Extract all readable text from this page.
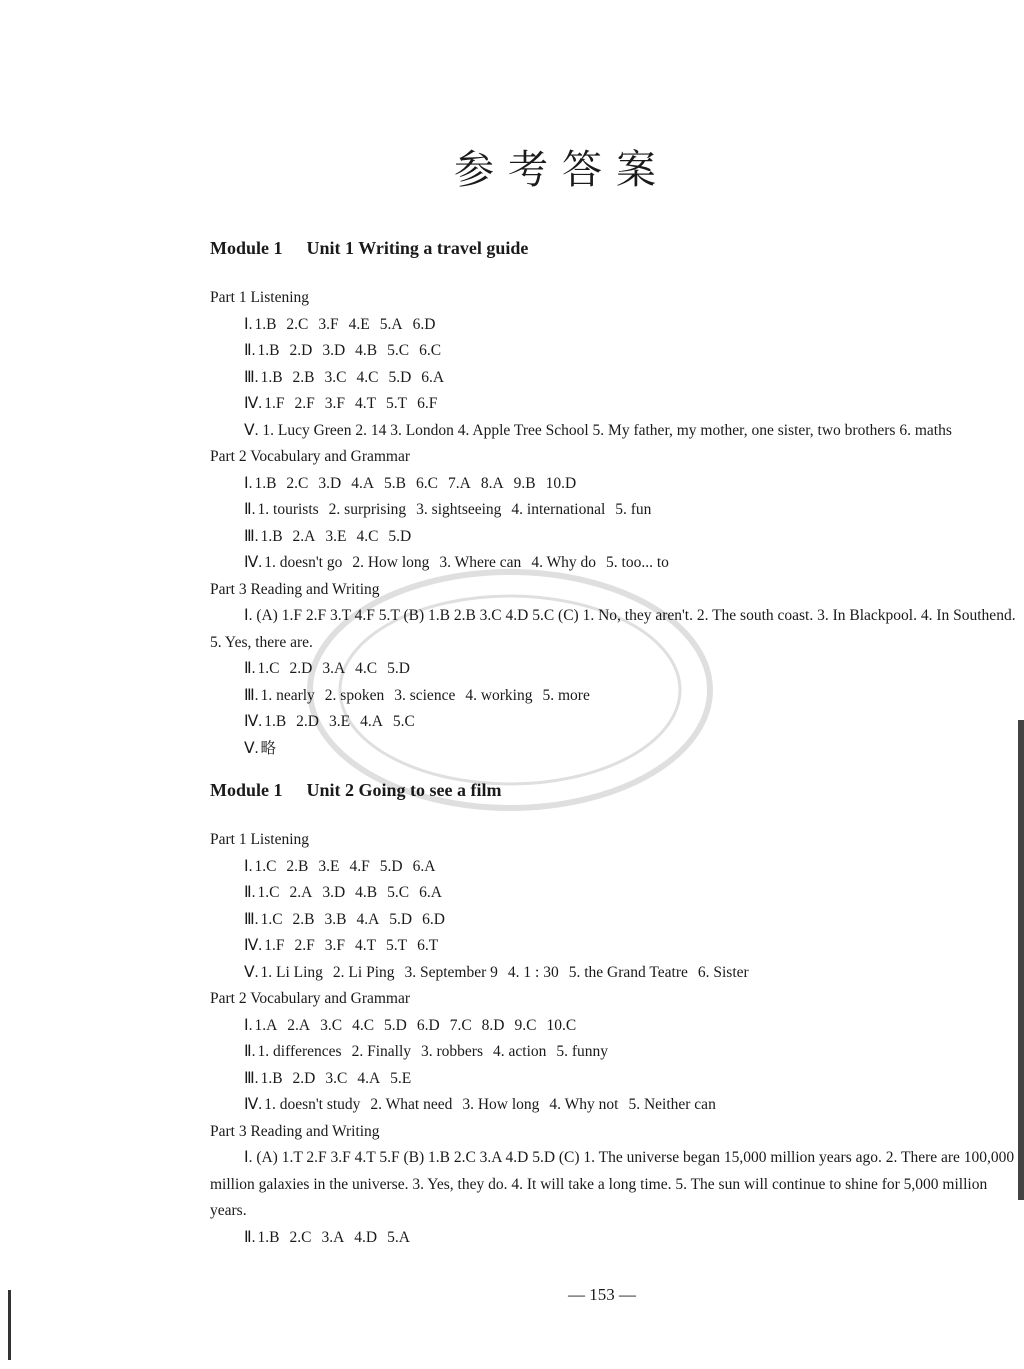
参考答案
Module 1 Unit 1 Writing a travel guide
Part 1 Listening
Ⅰ. 1.B 2.C 3.F 4.E 5.A 6.D
Ⅱ. 1.B 2.D 3.D 4.B 5.C 6.C
Ⅲ. 1.B 2.B 3.C 4.C 5.D 6.A
Ⅳ. 1.F 2.F 3.F 4.T 5.T 6.F
Ⅴ. 1. Lucy Green 2. 14 3. London 4. Apple Tree School 5. My father, my mother, one sister, two brothers 6. maths
Part 2 Vocabulary and Grammar
Ⅰ. 1.B 2.C 3.D 4.A 5.B 6.C 7.A 8.A 9.B 10.D
Ⅱ. 1. tourists 2. surprising 3. sightseeing 4. international 5. fun
Ⅲ. 1.B 2.A 3.E 4.C 5.D
Ⅳ. 1. doesn't go 2. How long 3. Where can 4. Why do 5. too... to
Part 3 Reading and Writing
Ⅰ. (A) 1.F 2.F 3.T 4.F 5.T (B) 1.B 2.B 3.C 4.D 5.C (C) 1. No, they aren't. 2. The south coast. 3. In Blackpool. 4. In Southend. 5. Yes, there are.
Ⅱ. 1.C 2.D 3.A 4.C 5.D
Ⅲ. 1. nearly 2. spoken 3. science 4. working 5. more
Ⅳ. 1.B 2.D 3.E 4.A 5.C
Ⅴ. 略
Module 1 Unit 2 Going to see a film
Part 1 Listening
Ⅰ. 1.C 2.B 3.E 4.F 5.D 6.A
Ⅱ. 1.C 2.A 3.D 4.B 5.C 6.A
Ⅲ. 1.C 2.B 3.B 4.A 5.D 6.D
Ⅳ. 1.F 2.F 3.F 4.T 5.T 6.T
Ⅴ. 1. Li Ling 2. Li Ping 3. September 9 4. 1 : 30 5. the Grand Teatre 6. Sister
Part 2 Vocabulary and Grammar
Ⅰ. 1.A 2.A 3.C 4.C 5.D 6.D 7.C 8.D 9.C 10.C
Ⅱ. 1. differences 2. Finally 3. robbers 4. action 5. funny
Ⅲ. 1.B 2.D 3.C 4.A 5.E
Ⅳ. 1. doesn't study 2. What need 3. How long 4. Why not 5. Neither can
Part 3 Reading and Writing
Ⅰ. (A) 1.T 2.F 3.F 4.T 5.F (B) 1.B 2.C 3.A 4.D 5.D (C) 1. The universe began 15,000 million years ago. 2. There are 100,000 million galaxies in the universe. 3. Yes, they do. 4. It will take a long time. 5. The sun will continue to shine for 5,000 million years.
Ⅱ. 1.B 2.C 3.A 4.D 5.A
— 153 —
